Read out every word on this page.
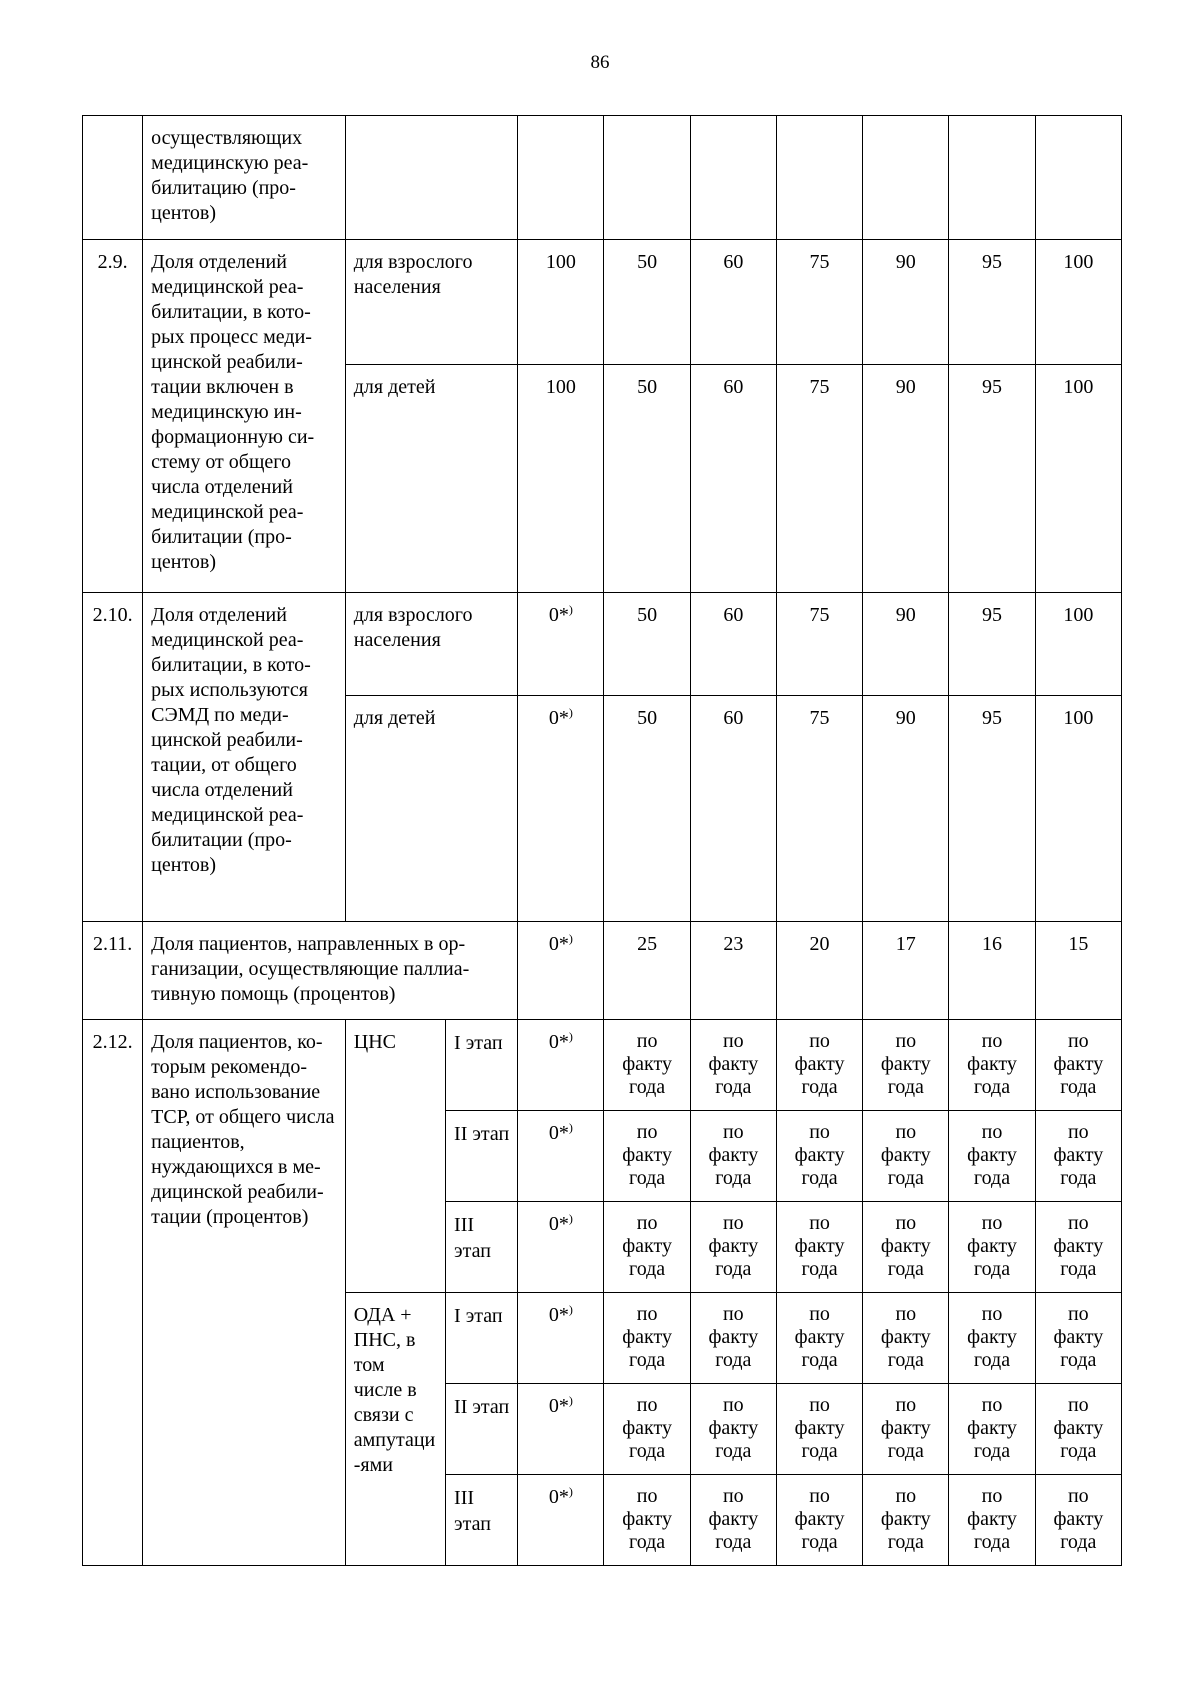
86
	осуществляющих медицинскую реа-билитацию (про-центов)									
2.9.	Доля отделений медицинской реа-билитации, в кото-рых процесс меди-цинской реабили-тации включен в медицинскую ин-формационную си-стему от общего числа отделений медицинской реа-билитации (про-центов)	для взрослого населения		100	50	60	75	90	95	100
		для детей		100	50	60	75	90	95	100
2.10.	Доля отделений медицинской реа-билитации, в кото-рых используются СЭМД по меди-цинской реабили-тации, от общего числа отделений медицинской реа-билитации (про-центов)	для взрослого населения		0*)	50	60	75	90	95	100
		для детей		0*)	50	60	75	90	95	100
2.11.	Доля пациентов, направленных в ор-ганизации, осуществляющие паллиа-тивную помощь (процентов)			0*)	25	23	20	17	16	15
2.12.	Доля пациентов, ко-торым рекомендо-вано использование ТСР, от общего числа пациентов, нуждающихся в ме-дицинской реабили-тации (процентов)	ЦНС	I этап	0*)	по факту года	по факту года	по факту года	по факту года	по факту года	по факту года
			II этап	0*)	по факту года	по факту года	по факту года	по факту года	по факту года	по факту года
			III этап	0*)	по факту года	по факту года	по факту года	по факту года	по факту года	по факту года
		ОДА + ПНС, в том числе в связи с ампутаци-ями	I этап	0*)	по факту года	по факту года	по факту года	по факту года	по факту года	по факту года
			II этап	0*)	по факту года	по факту года	по факту года	по факту года	по факту года	по факту года
			III этап	0*)	по факту года	по факту года	по факту года	по факту года	по факту года	по факту года
